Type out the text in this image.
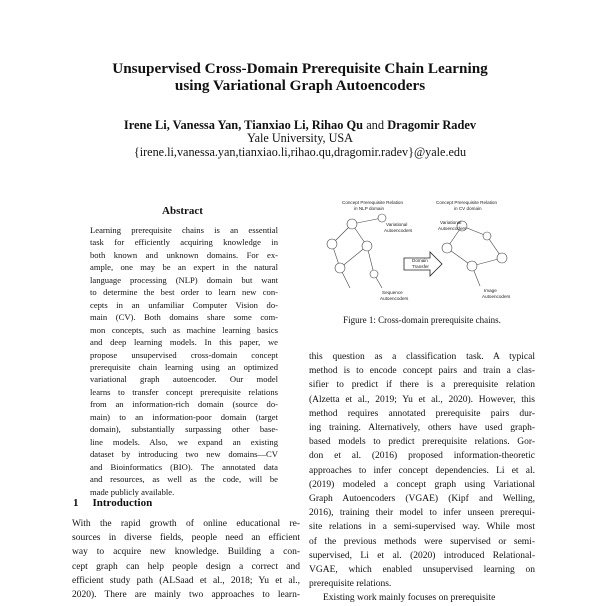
Unsupervised Cross-Domain Prerequisite Chain Learning
using Variational Graph Autoencoders
Irene Li, Vanessa Yan, Tianxiao Li, Rihao Qu and Dragomir Radev
Yale University, USA
{irene.li,vanessa.yan,tianxiao.li,rihao.qu,dragomir.radev}@yale.edu
Abstract
Learning prerequisite chains is an essential
task for efficiently acquiring knowledge in
both known and unknown domains. For ex-
ample, one may be an expert in the natural
language processing (NLP) domain but want
to determine the best order to learn new con-
cepts in an unfamiliar Computer Vision do-
main (CV). Both domains share some com-
mon concepts, such as machine learning basics
and deep learning models. In this paper, we
propose unsupervised cross-domain concept
prerequisite chain learning using an optimized
variational graph autoencoder. Our model
learns to transfer concept prerequisite relations
from an information-rich domain (source do-
main) to an information-poor domain (target
domain), substantially surpassing other base-
line models. Also, we expand an existing
dataset by introducing two new domains—CV
and Bioinformatics (BIO). The annotated data
and resources, as well as the code, will be
made publicly available.
1 Introduction
With the rapid growth of online educational re-
sources in diverse fields, people need an efficient
way to acquire new knowledge. Building a con-
cept graph can help people design a correct and
efficient study path (ALSaad et al., 2018; Yu et al.,
2020). There are mainly two approaches to learn-
Concept Prerequisite Relation
in NLP domain
Concept Prerequisite Relation
in CV domain
Variational
Autoencoders
Variational
Autoencoders
Domain
Transfer
Sequence
Autoencoders
Image
Autoencoders
Figure 1: Cross-domain prerequisite chains.
this question as a classification task. A typical
method is to encode concept pairs and train a clas-
sifier to predict if there is a prerequisite relation
(Alzetta et al., 2019; Yu et al., 2020). However, this
method requires annotated prerequisite pairs dur-
ing training. Alternatively, others have used graph-
based models to predict prerequisite relations. Gor-
don et al. (2016) proposed information-theoretic
approaches to infer concept dependencies. Li et al.
(2019) modeled a concept graph using Variational
Graph Autoencoders (VGAE) (Kipf and Welling,
2016), training their model to infer unseen prerequi-
site relations in a semi-supervised way. While most
of the previous methods were supervised or semi-
supervised, Li et al. (2020) introduced Relational-
VGAE, which enabled unsupervised learning on
prerequisite relations.
Existing work mainly focuses on prerequisite
